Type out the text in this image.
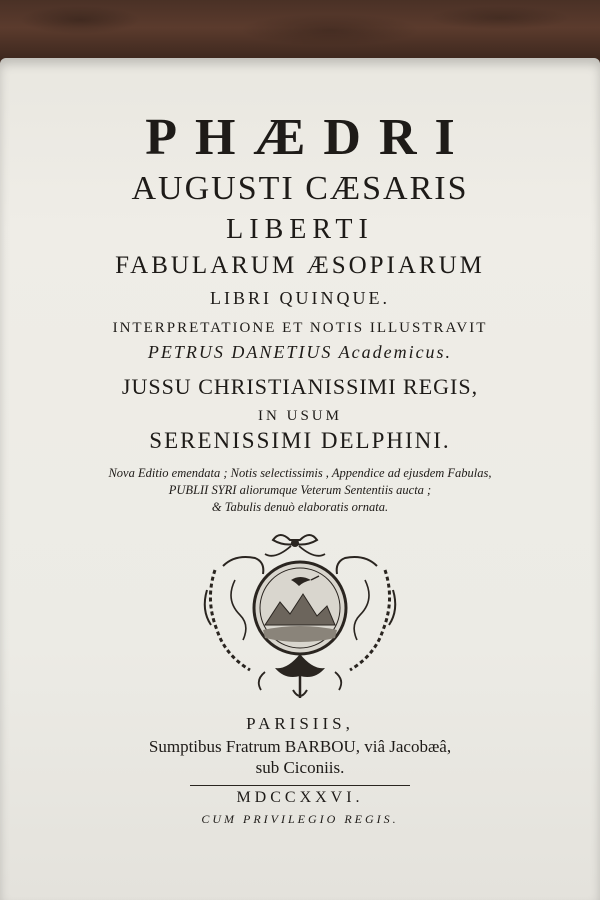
PHÆDRI
AUGUSTI CÆSARIS
LIBERTI
FABULARUM ÆSOPIARUM
LIBRI QUINQUE.
INTERPRETATIONE ET NOTIS ILLUSTRAVIT
PETRUS DANETIUS Academicus.
JUSSU CHRISTIANISSIMI REGIS,
IN USUM
SERENISSIMI DELPHINI.
Nova Editio emendata ; Notis selectissimis , Appendice ad ejusdem Fabulas,
PUBLII SYRI aliorumque Veterum Sententiis aucta ;
& Tabulis denuò elaboratis ornata.
PARISIIS,
Sumptibus Fratrum BARBOU, viâ Jacobæâ,
sub Ciconiis.
MDCCXXVI.
CUM PRIVILEGIO REGIS.
